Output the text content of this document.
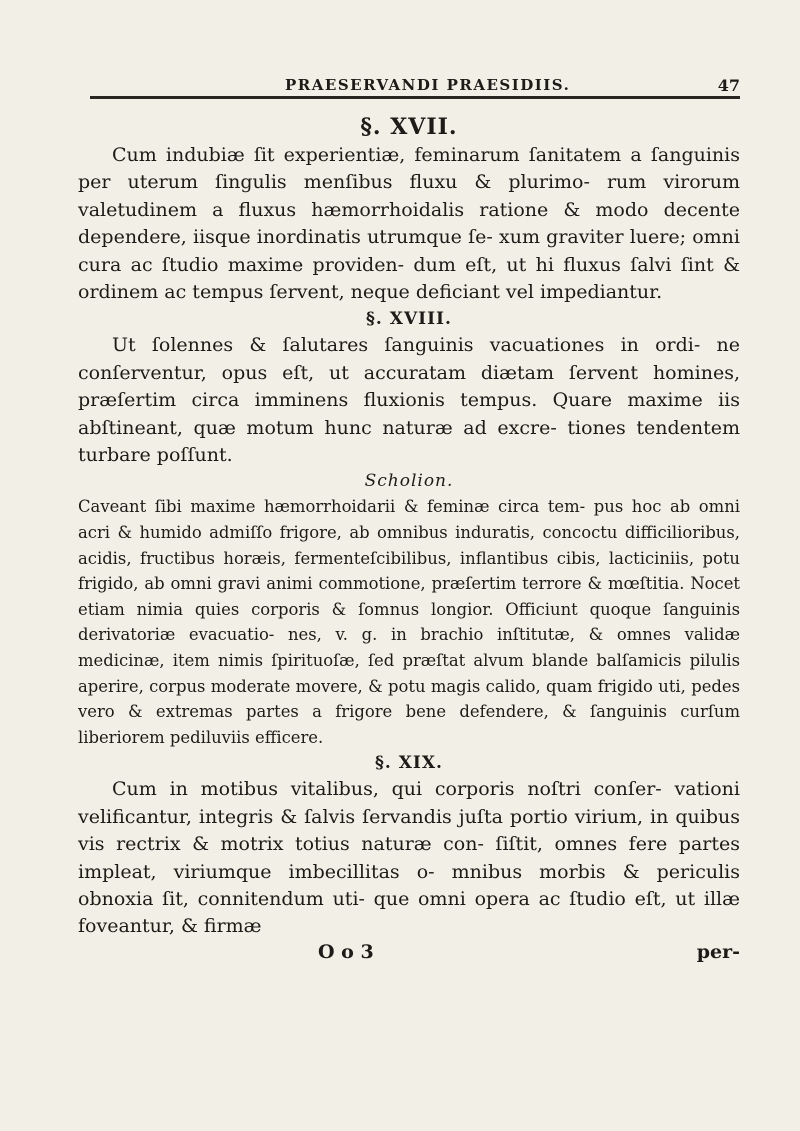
PRAESERVANDI PRAESIDIIS.	47
§. XVII.

Cum indubiæ ſit experientiæ, feminarum ſanitatem a ſanguinis per uterum ſingulis menſibus fluxu & plurimo- rum virorum valetudinem a fluxus hæmorrhoidalis ratione & modo decente dependere, iisque inordinatis utrumque ſe- xum graviter luere; omni cura ac ſtudio maxime providen- dum eſt, ut hi fluxus ſalvi ſint & ordinem ac tempus ſervent, neque deficiant vel impediantur.

§. XVIII.

Ut ſolennes & ſalutares ſanguinis vacuationes in ordi- ne conſerventur, opus eſt, ut accuratam diætam ſervent homines, præſertim circa imminens fluxionis tempus. Quare maxime iis abſtineant, quæ motum hunc naturæ ad excre- tiones tendentem turbare poſſunt.

Scholion.

Caveant ſibi maxime hæmorrhoidarii & feminæ circa tem- pus hoc ab omni acri & humido admiſſo frigore, ab omnibus induratis, concoctu difficilioribus, acidis, fructibus horæis, fermenteſcibilibus, inflantibus cibis, lacticiniis, potu frigido, ab omni gravi animi commotione, præſertim terrore & mœſtitia. Nocet etiam nimia quies corporis & ſomnus longior. Officiunt quoque ſanguinis derivatoriæ evacuatio- nes, v. g. in brachio inſtitutæ, & omnes validæ medicinæ, item nimis ſpirituoſæ, ſed præſtat alvum blande balſamicis pilulis aperire, corpus moderate movere, & potu magis calido, quam frigido uti, pedes vero & extremas partes a frigore bene defendere, & ſanguinis curſum liberiorem pediluviis efficere.

§. XIX.

Cum in motibus vitalibus, qui corporis noſtri conſer- vationi velificantur, integris & ſalvis ſervandis juſta portio virium, in quibus vis rectrix & motrix totius naturæ con- ſiſtit, omnes fere partes impleat, viriumque imbecillitas o- mnibus morbis & periculis obnoxia ſit, connitendum uti- que omni opera ac ſtudio eſt, ut illæ foveantur, & firmæ

O o 3	per-
